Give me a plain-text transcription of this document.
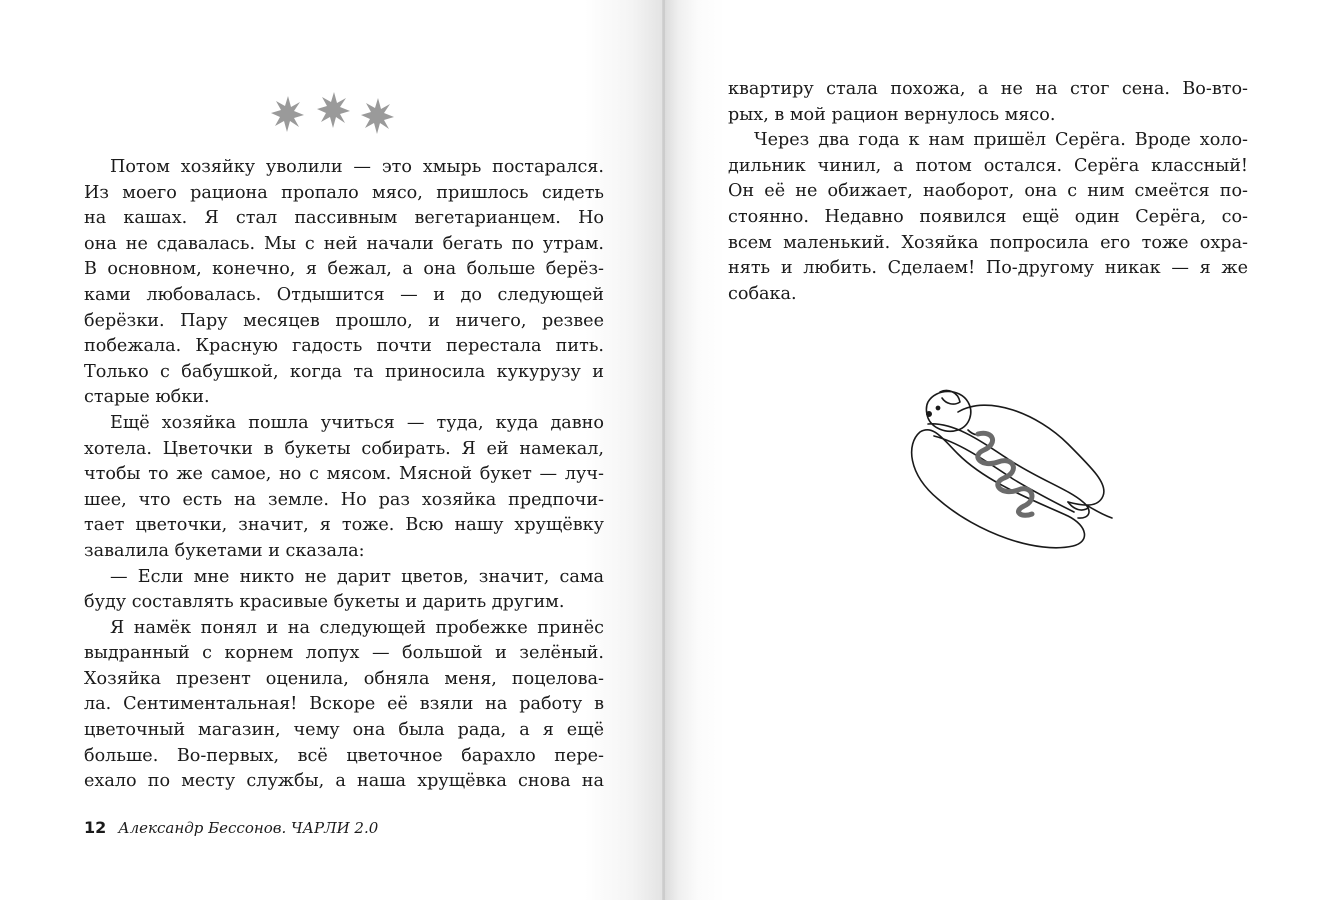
Потом хозяйку уволили — это хмырь постарался.
Из моего рациона пропало мясо, пришлось сидеть
на кашах. Я стал пассивным вегетарианцем. Но
она не сдавалась. Мы с ней начали бегать по утрам.
В основном, конечно, я бежал, а она больше берёз-
ками любовалась. Отдышится — и до следующей
берёзки. Пару месяцев прошло, и ничего, резвее
побежала. Красную гадость почти перестала пить.
Только с бабушкой, когда та приносила кукурузу и
старые юбки.
Ещё хозяйка пошла учиться — туда, куда давно
хотела. Цветочки в букеты собирать. Я ей намекал,
чтобы то же самое, но с мясом. Мясной букет — луч-
шее, что есть на земле. Но раз хозяйка предпочи-
тает цветочки, значит, я тоже. Всю нашу хрущёвку
завалила букетами и сказала:
— Если мне никто не дарит цветов, значит, сама
буду составлять красивые букеты и дарить другим.
Я намёк понял и на следующей пробежке принёс
выдранный с корнем лопух — большой и зелёный.
Хозяйка презент оценила, обняла меня, поцелова-
ла. Сентиментальная! Вскоре её взяли на работу в
цветочный магазин, чему она была рада, а я ещё
больше. Во-первых, всё цветочное барахло пере-
ехало по месту службы, а наша хрущёвка снова на
12 Александр Бессонов. ЧАРЛИ 2.0
квартиру стала похожа, а не на стог сена. Во-вто-
рых, в мой рацион вернулось мясо.
Через два года к нам пришёл Серёга. Вроде холо-
дильник чинил, а потом остался. Серёга классный!
Он её не обижает, наоборот, она с ним смеётся по-
стоянно. Недавно появился ещё один Серёга, со-
всем маленький. Хозяйка попросила его тоже охра-
нять и любить. Сделаем! По-другому никак — я же
собака.
